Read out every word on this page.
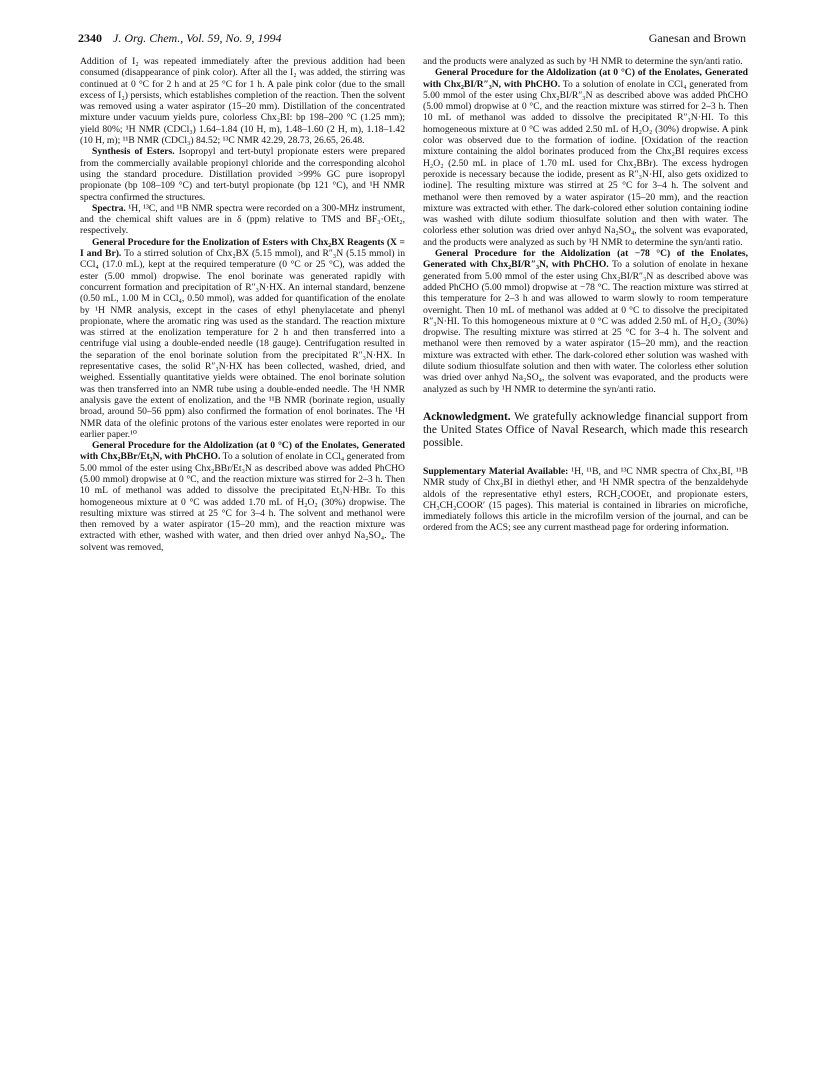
2340 J. Org. Chem., Vol. 59, No. 9, 1994	Ganesan and Brown

Addition of I₂ was repeated immediately after the previous addition had been consumed (disappearance of pink color). After all the I₂ was added, the stirring was continued at 0 °C for 2 h and at 25 °C for 1 h. A pale pink color (due to the small excess of I₂) persists, which establishes completion of the reaction. Then the solvent was removed using a water aspirator (15–20 mm). Distillation of the concentrated mixture under vacuum yields pure, colorless Chx₂BI: bp 198–200 °C (1.25 mm); yield 80%; ¹H NMR (CDCl₃) 1.64–1.84 (10 H, m), 1.48–1.60 (2 H, m), 1.18–1.42 (10 H, m); ¹¹B NMR (CDCl₃) 84.52; ¹³C NMR 42.29, 28.73, 26.65, 26.48.

Synthesis of Esters. Isopropyl and tert-butyl propionate esters were prepared from the commercially available propionyl chloride and the corresponding alcohol using the standard procedure. Distillation provided >99% GC pure isopropyl propionate (bp 108–109 °C) and tert-butyl propionate (bp 121 °C), and ¹H NMR spectra confirmed the structures.

Spectra. ¹H, ¹³C, and ¹¹B NMR spectra were recorded on a 300-MHz instrument, and the chemical shift values are in δ (ppm) relative to TMS and BF₃·OEt₂, respectively.

General Procedure for the Enolization of Esters with Chx₂BX Reagents (X = I and Br). To a stirred solution of Chx₂BX (5.15 mmol), and R″₃N (5.15 mmol) in CCl₄ (17.0 mL), kept at the required temperature (0 °C or 25 °C), was added the ester (5.00 mmol) dropwise. The enol borinate was generated rapidly with concurrent formation and precipitation of R″₃N·HX. An internal standard, benzene (0.50 mL, 1.00 M in CCl₄, 0.50 mmol), was added for quantification of the enolate by ¹H NMR analysis, except in the cases of ethyl phenylacetate and phenyl propionate, where the aromatic ring was used as the standard. The reaction mixture was stirred at the enolization temperature for 2 h and then transferred into a centrifuge vial using a double-ended needle (18 gauge). Centrifugation resulted in the separation of the enol borinate solution from the precipitated R″₃N·HX. In representative cases, the solid R″₃N·HX has been collected, washed, dried, and weighed. Essentially quantitative yields were obtained. The enol borinate solution was then transferred into an NMR tube using a double-ended needle. The ¹H NMR analysis gave the extent of enolization, and the ¹¹B NMR (borinate region, usually broad, around 50–56 ppm) also confirmed the formation of enol borinates. The ¹H NMR data of the olefinic protons of the various ester enolates were reported in our earlier paper.¹⁰

General Procedure for the Aldolization (at 0 °C) of the Enolates, Generated with Chx₂BBr/Et₃N, with PhCHO. To a solution of enolate in CCl₄ generated from 5.00 mmol of the ester using Chx₂BBr/Et₃N as described above was added PhCHO (5.00 mmol) dropwise at 0 °C, and the reaction mixture was stirred for 2–3 h. Then 10 mL of methanol was added to dissolve the precipitated Et₃N·HBr. To this homogeneous mixture at 0 °C was added 1.70 mL of H₂O₂ (30%) dropwise. The resulting mixture was stirred at 25 °C for 3–4 h. The solvent and methanol were then removed by a water aspirator (15–20 mm), and the reaction mixture was extracted with ether, washed with water, and then dried over anhyd Na₂SO₄. The solvent was removed,

and the products were analyzed as such by ¹H NMR to determine the syn/anti ratio.

General Procedure for the Aldolization (at 0 °C) of the Enolates, Generated with Chx₂BI/R″₃N, with PhCHO. To a solution of enolate in CCl₄ generated from 5.00 mmol of the ester using Chx₂BI/R″₃N as described above was added PhCHO (5.00 mmol) dropwise at 0 °C, and the reaction mixture was stirred for 2–3 h. Then 10 mL of methanol was added to dissolve the precipitated R″₃N·HI. To this homogeneous mixture at 0 °C was added 2.50 mL of H₂O₂ (30%) dropwise. A pink color was observed due to the formation of iodine. [Oxidation of the reaction mixture containing the aldol borinates produced from the Chx₂BI requires excess H₂O₂ (2.50 mL in place of 1.70 mL used for Chx₂BBr). The excess hydrogen peroxide is necessary because the iodide, present as R″₃N·HI, also gets oxidized to iodine]. The resulting mixture was stirred at 25 °C for 3–4 h. The solvent and methanol were then removed by a water aspirator (15–20 mm), and the reaction mixture was extracted with ether. The dark-colored ether solution containing iodine was washed with dilute sodium thiosulfate solution and then with water. The colorless ether solution was dried over anhyd Na₂SO₄, the solvent was evaporated, and the products were analyzed as such by ¹H NMR to determine the syn/anti ratio.

General Procedure for the Aldolization (at −78 °C) of the Enolates, Generated with Chx₂BI/R″₃N, with PhCHO. To a solution of enolate in hexane generated from 5.00 mmol of the ester using Chx₂BI/R″₃N as described above was added PhCHO (5.00 mmol) dropwise at −78 °C. The reaction mixture was stirred at this temperature for 2–3 h and was allowed to warm slowly to room temperature overnight. Then 10 mL of methanol was added at 0 °C to dissolve the precipitated R″₃N·HI. To this homogeneous mixture at 0 °C was added 2.50 mL of H₂O₂ (30%) dropwise. The resulting mixture was stirred at 25 °C for 3–4 h. The solvent and methanol were then removed by a water aspirator (15–20 mm), and the reaction mixture was extracted with ether. The dark-colored ether solution was washed with dilute sodium thiosulfate solution and then with water. The colorless ether solution was dried over anhyd Na₂SO₄, the solvent was evaporated, and the products were analyzed as such by ¹H NMR to determine the syn/anti ratio.

Acknowledgment. We gratefully acknowledge financial support from the United States Office of Naval Research, which made this research possible.

Supplementary Material Available: ¹H, ¹¹B, and ¹³C NMR spectra of Chx₂BI, ¹¹B NMR study of Chx₂BI in diethyl ether, and ¹H NMR spectra of the benzaldehyde aldols of the representative ethyl esters, RCH₂COOEt, and propionate esters, CH₃CH₂COOR′ (15 pages). This material is contained in libraries on microfiche, immediately follows this article in the microfilm version of the journal, and can be ordered from the ACS; see any current masthead page for ordering information.
